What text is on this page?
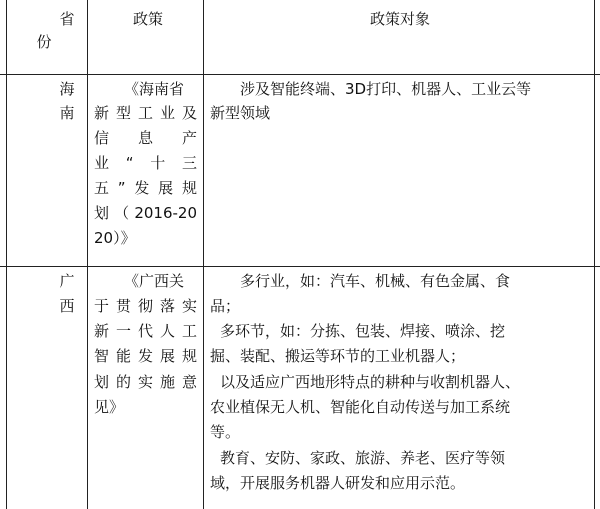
省
份
政策	政策对象
海
南
《海南省
新型工业及
信　息　产
业“十三
五”发展规
划（2016-20
20）》
涉及智能终端、3D打印、机器人、工业云等
新型领域
广
西
《广西关
于贯彻落实
新一代人工
智能发展规
划的实施意
见》
多行业，如：汽车、机械、有色金属、食
品；
多环节，如：分拣、包装、焊接、喷涂、挖
掘、装配、搬运等环节的工业机器人；
以及适应广西地形特点的耕种与收割机器人、
农业植保无人机、智能化自动传送与加工系统
等。
教育、安防、家政、旅游、养老、医疗等领
域，开展服务机器人研发和应用示范。
